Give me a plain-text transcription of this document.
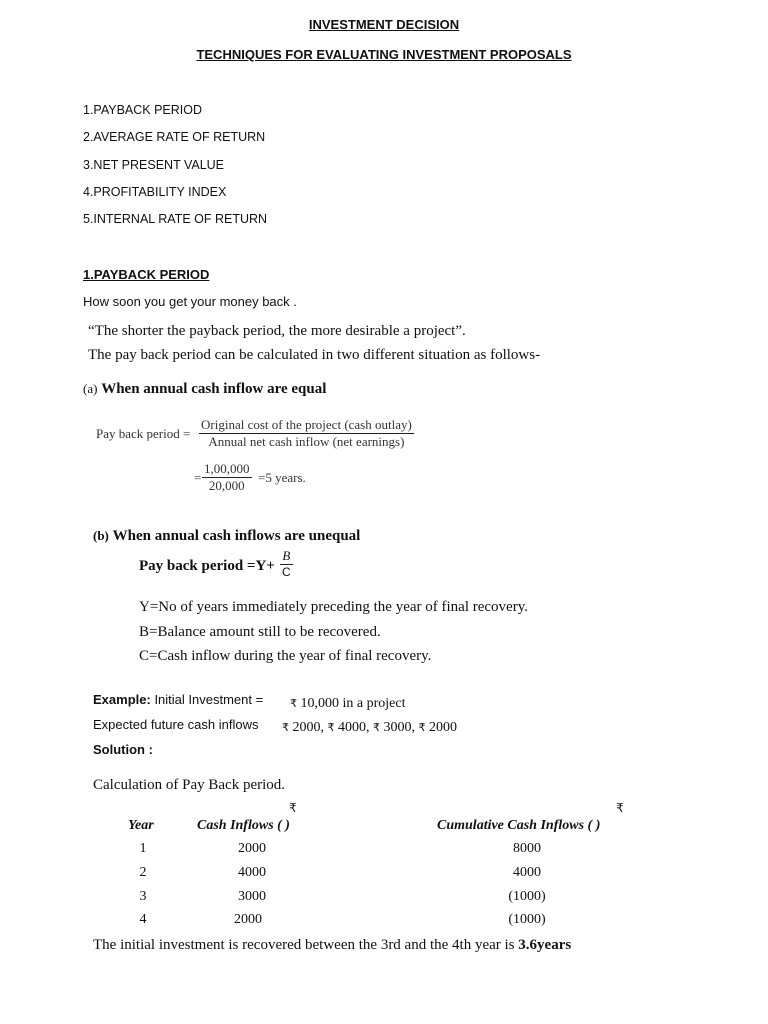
INVESTMENT DECISION
TECHNIQUES FOR EVALUATING INVESTMENT PROPOSALS
1.PAYBACK PERIOD
2.AVERAGE RATE OF RETURN
3.NET PRESENT VALUE
4.PROFITABILITY INDEX
5.INTERNAL RATE OF RETURN
1.PAYBACK PERIOD
How soon you get your money back .
“The shorter the payback period, the more desirable a project”.
The pay back period can be calculated in two different situation as follows-
(a) When annual cash inflow are equal
Pay back period =
Original cost of the project (cash outlay)
Annual net cash inflow (net earnings)
=
1,00,000
20,000
=5 years.
(b) When annual cash inflows are unequal
Pay back period =Y+
B
C
Y=No of years immediately preceding the year of final recovery.
B=Balance amount still to be recovered.
C=Cash inflow during the year of final recovery.
Example: Initial Investment = ₹ 10,000 in a project
Expected future cash inflows ₹ 2000, ₹ 4000, ₹ 3000, ₹ 2000
Solution :
Calculation of Pay Back period.
₹	₹
Year	Cash Inflows ( )	Cumulative Cash Inflows ( )
1	2000	8000
2	4000	4000
3	3000	(1000)
4	2000	(1000)
The initial investment is recovered between the 3rd and the 4th year is 3.6years
